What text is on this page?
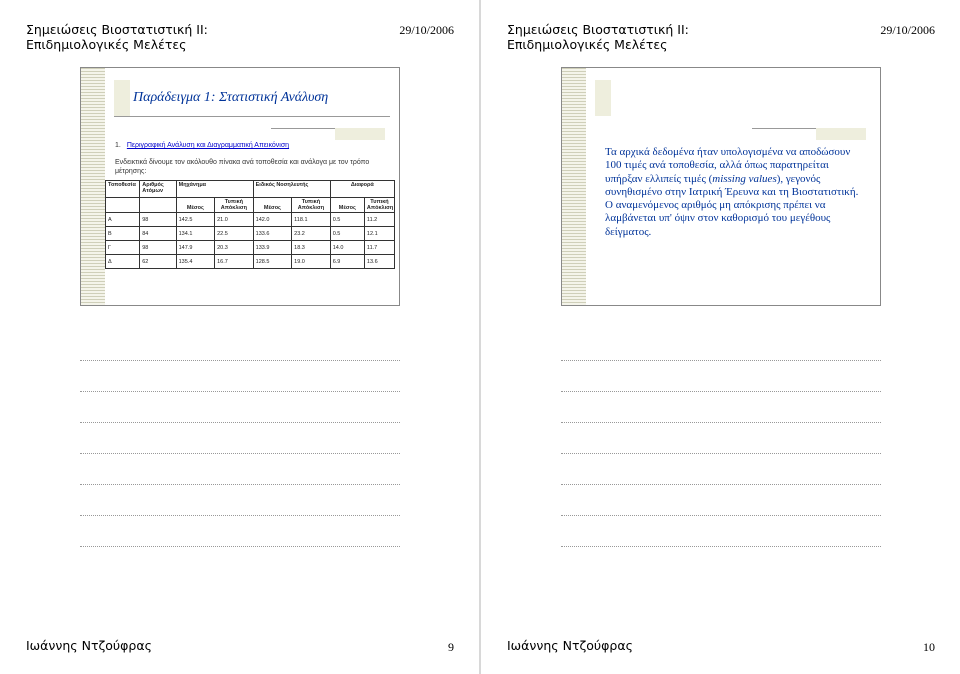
Σημειώσεις Βιοστατιστική ΙΙ:
Επιδημιολογικές Μελέτες
29/10/2006
Παράδειγμα 1: Στατιστική Ανάλυση
1. Περιγραφική Ανάλυση και Διαγραμματική Απεικόνιση
Ενδεικτικά δίνουμε τον ακόλουθο πίνακα ανά τοποθεσία και ανάλογα με τον τρόπο μέτρησης:
Τοποθεσία	Αριθμός Ατόμων	Μηχάνημα		Ειδικός Νοσηλευτής		Διαφορά	
		Μέσος	Τυπική Απόκλιση	Μέσος	Τυπική Απόκλιση	Μέσος	Τυπική Απόκλιση
Α	98	142.5	21.0	142.0	118.1	0.5	11.2
Β	84	134.1	22.5	133.6	23.2	0.5	12.1
Γ	98	147.9	20.3	133.9	18.3	14.0	11.7
Δ	62	135.4	16.7	128.5	19.0	6.9	13.6
Ιωάννης Ντζούφρας	9
Σημειώσεις Βιοστατιστική ΙΙ:
Επιδημιολογικές Μελέτες
29/10/2006
Ιωάννης Ντζούφρας	10
Τα αρχικά δεδομένα ήταν υπολογισμένα να αποδώσουν 100 τιμές ανά τοποθεσία, αλλά όπως παρατηρείται υπήρξαν ελλιπείς τιμές (missing values), γεγονός συνηθισμένο στην Ιατρική Έρευνα και τη Βιοστατιστική. Ο αναμενόμενος αριθμός μη απόκρισης πρέπει να λαμβάνεται υπ' όψιν στον καθορισμό του μεγέθους δείγματος.
